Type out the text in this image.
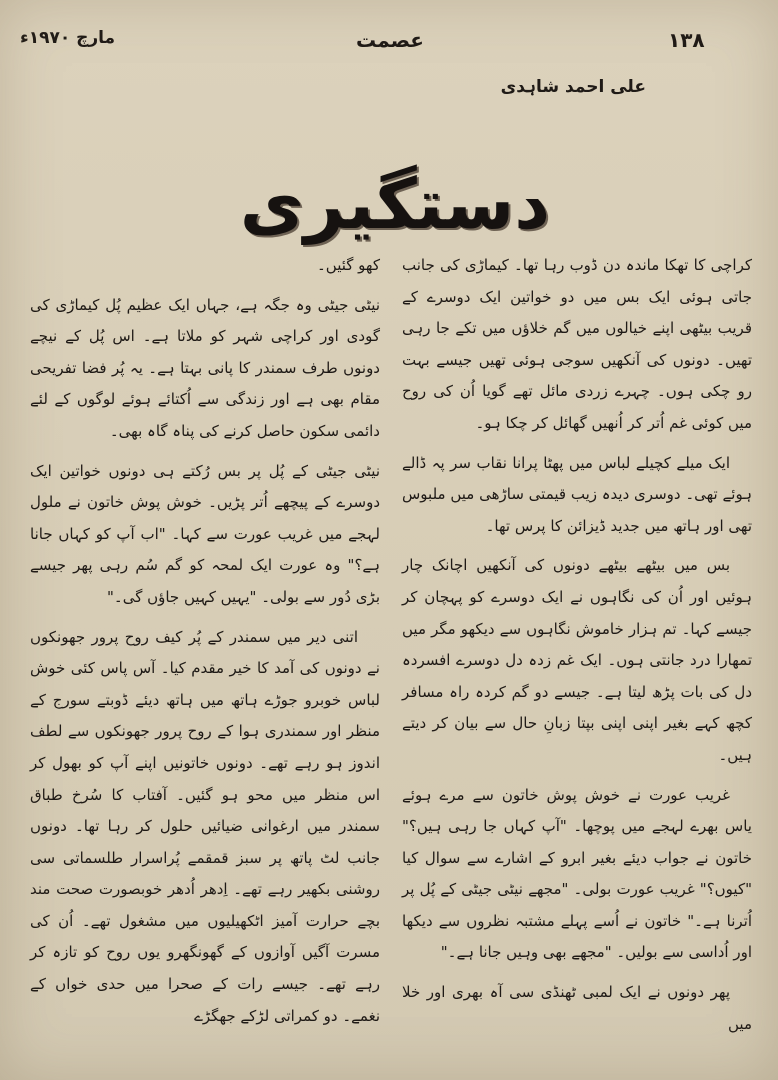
١٣٨
عصمت
مارچ ١٩٧٠ء
علی احمد شاہدی
دستگیری

کراچی کا تھکا ماندہ دن ڈوب رہا تھا۔ کیماڑی کی جانب جاتی ہوئی ایک بس میں دو خواتین ایک دوسرے کے قریب بیٹھی اپنے خیالوں میں گم خلاؤں میں تکے جا رہی تھیں۔ دونوں کی آنکھیں سوجی ہوئی تھیں جیسے بہت رو چکی ہوں۔ چہرے زردی مائل تھے گویا اُن کی روح میں کوئی غم اُتر کر اُنھیں گھائل کر چکا ہو۔

ایک میلے کچیلے لباس میں پھٹا پرانا نقاب سر پہ ڈالے ہوئے تھی۔ دوسری دیدہ زیب قیمتی ساڑھی میں ملبوس تھی اور ہاتھ میں جدید ڈیزائن کا پرس تھا۔

بس میں بیٹھے بیٹھے دونوں کی آنکھیں اچانک چار ہوئیں اور اُن کی نگاہوں نے ایک دوسرے کو پہچان کر جیسے کہا۔ تم ہزار خاموش نگاہوں سے دیکھو مگر میں تمھارا درد جانتی ہوں۔ ایک غم زدہ دل دوسرے افسردہ دل کی بات پڑھ لیتا ہے۔ جیسے دو گم کردہ راہ مسافر کچھ کہے بغیر اپنی اپنی بپتا زبانِ حال سے بیان کر دیتے ہیں۔

غریب عورت نے خوش پوش خاتون سے مرے ہوئے یاس بھرے لہجے میں پوچھا۔ "آپ کہاں جا رہی ہیں؟" خاتون نے جواب دیئے بغیر ابرو کے اشارے سے سوال کیا "کیوں؟" غریب عورت بولی۔ "مجھے نیٹی جیٹی کے پُل پر اُترنا ہے۔" خاتون نے اُسے پہلے مشتبہ نظروں سے دیکھا اور اُداسی سے بولیں۔ "مجھے بھی وہیں جانا ہے۔"

پھر دونوں نے ایک لمبی ٹھنڈی سی آہ بھری اور خلا میں

کھو گئیں۔

نیٹی جیٹی وہ جگہ ہے، جہاں ایک عظیم پُل کیماڑی کی گودی اور کراچی شہر کو ملاتا ہے۔ اس پُل کے نیچے دونوں طرف سمندر کا پانی بہتا ہے۔ یہ پُر فضا تفریحی مقام بھی ہے اور زندگی سے اُکتائے ہوئے لوگوں کے لئے دائمی سکون حاصل کرنے کی پناہ گاہ بھی۔

نیٹی جیٹی کے پُل پر بس رُکتے ہی دونوں خواتین ایک دوسرے کے پیچھے اُتر پڑیں۔ خوش پوش خاتون نے ملول لہجے میں غریب عورت سے کہا۔ "اب آپ کو کہاں جانا ہے؟" وہ عورت ایک لمحہ کو گم سُم رہی پھر جیسے بڑی دُور سے بولی۔ "یہیں کہیں جاؤں گی۔"

اتنی دیر میں سمندر کے پُر کیف روح پرور جھونکوں نے دونوں کی آمد کا خیر مقدم کیا۔ آس پاس کئی خوش لباس خوبرو جوڑے ہاتھ میں ہاتھ دیئے ڈوبتے سورج کے منظر اور سمندری ہوا کے روح پرور جھونکوں سے لطف اندوز ہو رہے تھے۔ دونوں خاتونیں اپنے آپ کو بھول کر اس منظر میں محو ہو گئیں۔ آفتاب کا سُرخ طباق سمندر میں ارغوانی ضیائیں حلول کر رہا تھا۔ دونوں جانب لٹ پاتھ پر سبز قمقمے پُراسرار طلسماتی سی روشنی بکھیر رہے تھے۔ اِدھر اُدھر خوبصورت صحت مند بچے حرارت آمیز اٹکھیلیوں میں مشغول تھے۔ اُن کی مسرت آگیں آوازوں کے گھونگھرو یوں روح کو تازہ کر رہے تھے۔ جیسے رات کے صحرا میں حدی خواں کے نغمے۔ دو کمراتی لڑکے جھگڑے
